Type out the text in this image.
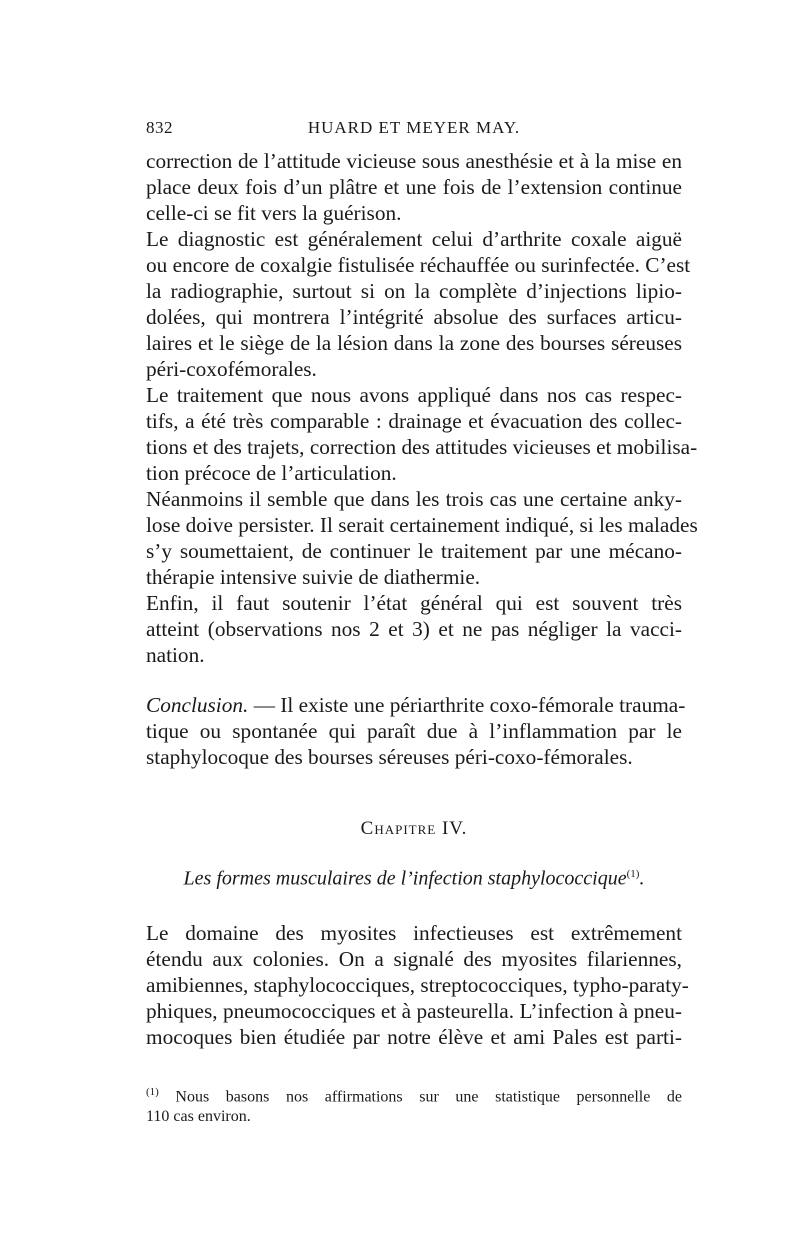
832	HUARD ET MEYER MAY.
correction de l’attitude vicieuse sous anesthésie et à la mise en
place deux fois d’un plâtre et une fois de l’extension continue
celle-ci se fit vers la guérison.
Le diagnostic est généralement celui d’arthrite coxale aiguë
ou encore de coxalgie fistulisée réchauffée ou surinfectée. C’est
la radiographie, surtout si on la complète d’injections lipio-
dolées, qui montrera l’intégrité absolue des surfaces articu-
laires et le siège de la lésion dans la zone des bourses séreuses
péri-coxofémorales.
Le traitement que nous avons appliqué dans nos cas respec-
tifs, a été très comparable : drainage et évacuation des collec-
tions et des trajets, correction des attitudes vicieuses et mobilisa-
tion précoce de l’articulation.
Néanmoins il semble que dans les trois cas une certaine anky-
lose doive persister. Il serait certainement indiqué, si les malades
s’y soumettaient, de continuer le traitement par une mécano-
thérapie intensive suivie de diathermie.
Enfin, il faut soutenir l’état général qui est souvent très
atteint (observations nos 2 et 3) et ne pas négliger la vacci-
nation.
Conclusion. — Il existe une périarthrite coxo-fémorale trauma-
tique ou spontanée qui paraît due à l’inflammation par le
staphylocoque des bourses séreuses péri-coxo-fémorales.
Chapitre IV.
Les formes musculaires de l’infection staphylococcique$^{(1)}$.
Le domaine des myosites infectieuses est extrêmement
étendu aux colonies. On a signalé des myosites filariennes,
amibiennes, staphylococciques, streptococciques, typho-paraty-
phiques, pneumococciques et à pasteurella. L’infection à pneu-
mocoques bien étudiée par notre élève et ami Pales est parti-
$^{(1)}$ Nous basons nos affirmations sur une statistique personnelle de
110 cas environ.
